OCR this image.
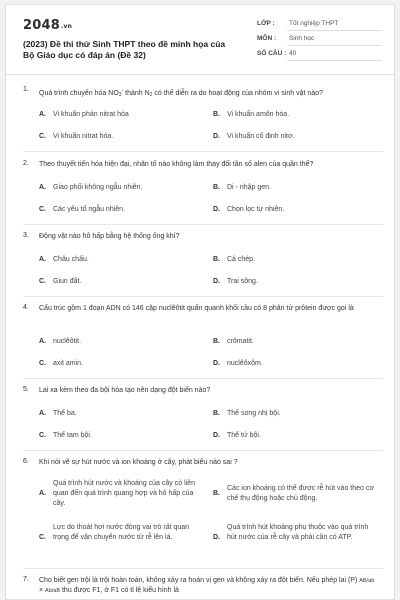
2048.vn
(2023) Đề thi thử Sinh THPT theo đề minh họa của Bộ Giáo dục có đáp án (Đề 32)
LỚP : Tốt nghiệp THPT
MÔN : Sinh học
SỐ CÂU : 40
1.
Quá trình chuyển hóa $NO_3^-$ thành $N_2$ có thể diễn ra do hoạt động của nhóm vi sinh vật nào?
A. Vi khuẩn phản nitrat hóa	B. Vi khuẩn amôn hóa.
C. Vi khuẩn nitrat hóa.	D. Vi khuẩn cố định nitơ.
2. Theo thuyết tiến hóa hiện đại, nhân tố nào không làm thay đổi tần số alen của quần thể?
A. Giao phối không ngẫu nhiên.	B. Di - nhập gen.
C. Các yếu tố ngẫu nhiên.	D. Chọn lọc tự nhiên.
3. Động vật nào hô hấp bằng hệ thống ống khí?
A. Châu chấu.	B. Cá chép.
C. Giun đất.	D. Trai sông.
4. Cấu trúc gồm 1 đoạn ADN có 146 cặp nuclêôtit quấn quanh khối cầu có 8 phân tử prôtein được gọi là
A. nuclêôtit.	B. crômatit.
C. axit amin.	D. nuclêôxôm.
5. Lai xa kèm theo đa bội hóa tạo nên dạng đột biến nào?
A. Thể ba.	B. Thể song nhị bội.
C. Thể tam bội.	D. Thể tứ bội.
6. Khi nói về sự hút nước và ion khoáng ở cây, phát biểu nào sai ?
A.
Quá trình hút nước và khoáng của cây có liên quan đến quá trình quang hợp và hô hấp của cây.
B.
Các ion khoáng có thể được rễ hút vào theo cơ chế thụ động hoặc chủ động.
C.
Lực do thoát hơi nước đóng vai trò rất quan trọng để vận chuyển nước từ rễ lên lá.	D.
Quá trình hút khoáng phụ thuộc vào quá trình hút nước của rễ cây và phải cần có ATP.
7. Cho biết gen trội là trội hoàn toàn, không xảy ra hoán vị gen và không xảy ra đột biến. Nếu phép lai (P) AB/ab × Ab/aB thu được F1, ở F1 có tỉ lệ kiểu hình là
